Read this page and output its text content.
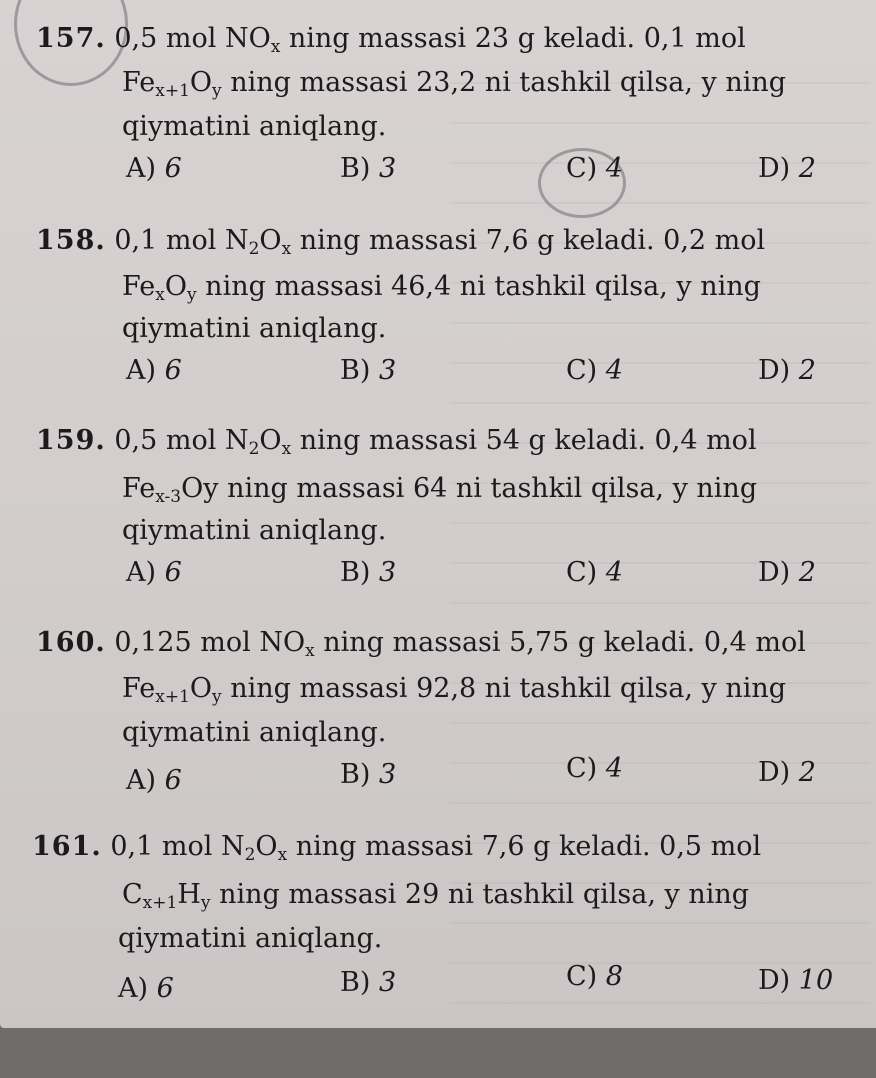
157. 0,5 mol $NO_x$ ning massasi 23 g keladi. 0,1 mol
$Fe_{x+1}O_y$ ning massasi 23,2 ni tashkil qilsa, y ning
qiymatini aniqlang.
A) 6	B) 3	C) 4	D) 2
158. 0,1 mol $N_2O_x$ ning massasi 7,6 g keladi. 0,2 mol
$Fe_xO_y$ ning massasi 46,4 ni tashkil qilsa, y ning
qiymatini aniqlang.
A) 6	B) 3	C) 4	D) 2
159. 0,5 mol $N_2O_x$ ning massasi 54 g keladi. 0,4 mol
$Fe_{x-3}Oy$ ning massasi 64 ni tashkil qilsa, y ning
qiymatini aniqlang.
A) 6	B) 3	C) 4	D) 2
160. 0,125 mol $NO_x$ ning massasi 5,75 g keladi. 0,4 mol
$Fe_{x+1}O_y$ ning massasi 92,8 ni tashkil qilsa, y ning
qiymatini aniqlang.
A) 6	B) 3	C) 4	D) 2
161. 0,1 mol $N_2O_x$ ning massasi 7,6 g keladi. 0,5 mol
$C_{x+1}H_y$ ning massasi 29 ni tashkil qilsa, y ning
qiymatini aniqlang.
A) 6	B) 3	C) 8	D) 10
